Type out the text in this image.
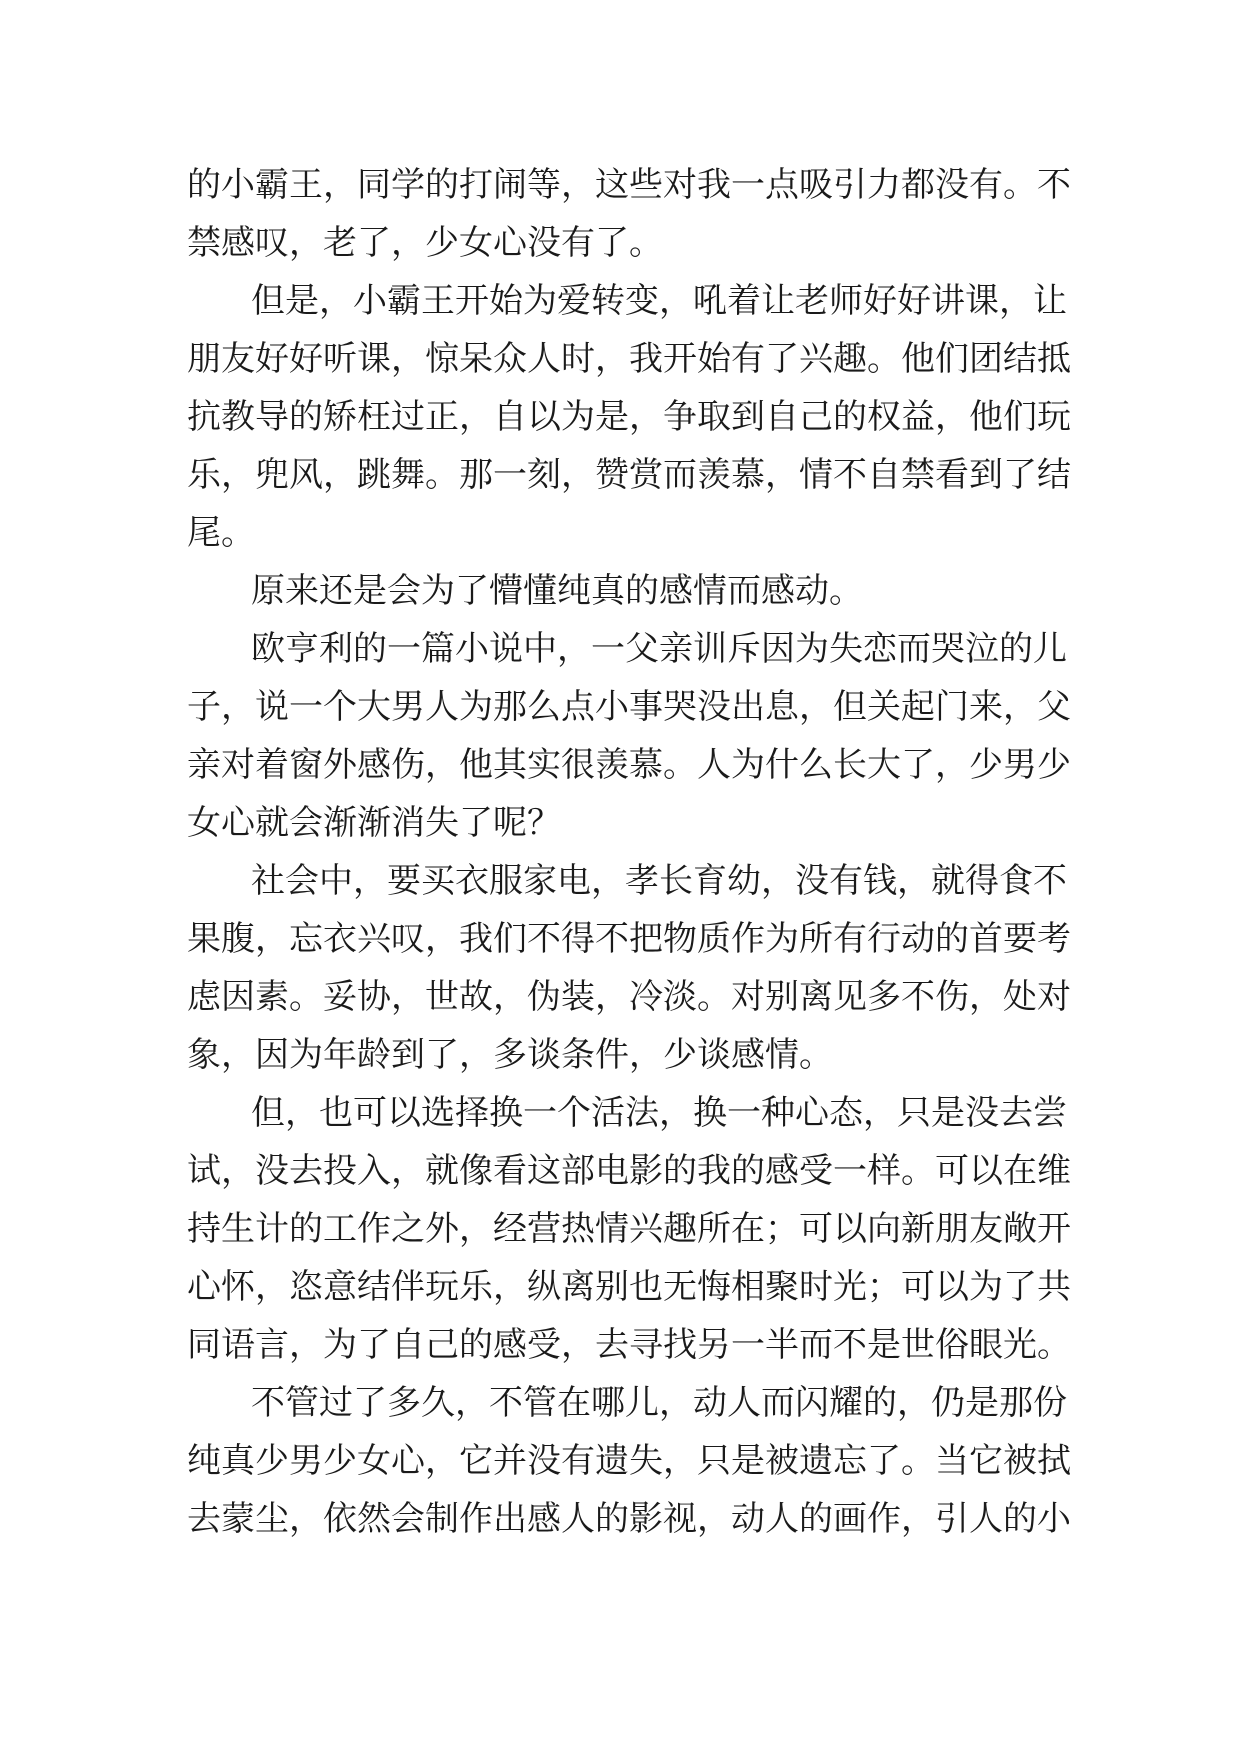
的小霸王，同学的打闹等，这些对我一点吸引力都没有。不
禁感叹，老了，少女心没有了。
但是，小霸王开始为爱转变，吼着让老师好好讲课，让
朋友好好听课，惊呆众人时，我开始有了兴趣。他们团结抵
抗教导的矫枉过正，自以为是，争取到自己的权益，他们玩
乐，兜风，跳舞。那一刻，赞赏而羡慕，情不自禁看到了结
尾。
原来还是会为了懵懂纯真的感情而感动。
欧亨利的一篇小说中，一父亲训斥因为失恋而哭泣的儿
子，说一个大男人为那么点小事哭没出息，但关起门来，父
亲对着窗外感伤，他其实很羡慕。人为什么长大了，少男少
女心就会渐渐消失了呢？
社会中，要买衣服家电，孝长育幼，没有钱，就得食不
果腹，忘衣兴叹，我们不得不把物质作为所有行动的首要考
虑因素。妥协，世故，伪装，冷淡。对别离见多不伤，处对
象，因为年龄到了，多谈条件，少谈感情。
但，也可以选择换一个活法，换一种心态，只是没去尝
试，没去投入，就像看这部电影的我的感受一样。可以在维
持生计的工作之外，经营热情兴趣所在；可以向新朋友敞开
心怀，恣意结伴玩乐，纵离别也无悔相聚时光；可以为了共
同语言，为了自己的感受，去寻找另一半而不是世俗眼光。
不管过了多久，不管在哪儿，动人而闪耀的，仍是那份
纯真少男少女心，它并没有遗失，只是被遗忘了。当它被拭
去蒙尘，依然会制作出感人的影视，动人的画作，引人的小
